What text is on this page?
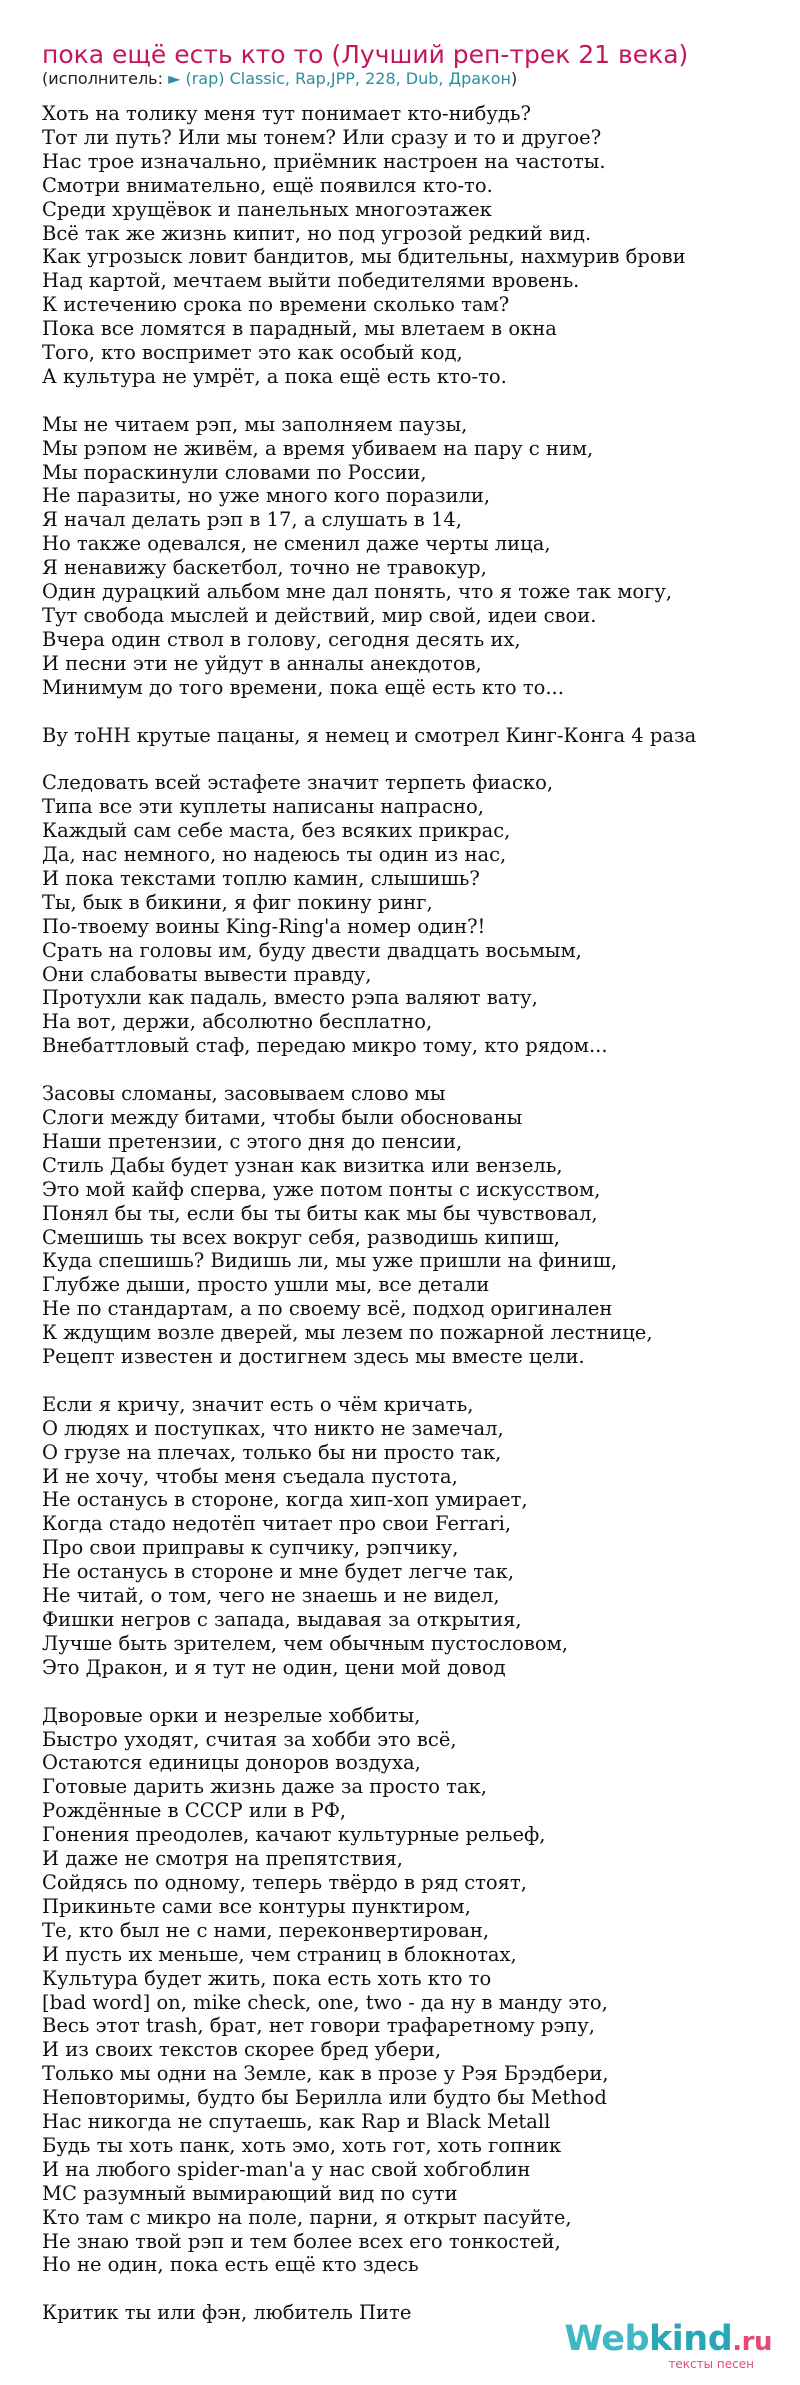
пока ещё есть кто то (Лучший реп-трек 21 века)
(исполнитель: ► (rap) Classic, Rap,JPP, 228, Dub, Дракон)
Хоть на толику меня тут понимает кто-нибудь?
Тот ли путь? Или мы тонем? Или сразу и то и другое?
Нас трое изначально, приёмник настроен на частоты.
Смотри внимательно, ещё появился кто-то.
Среди хрущёвок и панельных многоэтажек
Всё так же жизнь кипит, но под угрозой редкий вид.
Как угрозыск ловит бандитов, мы бдительны, нахмурив брови
Над картой, мечтаем выйти победителями вровень.
К истечению срока по времени сколько там?
Пока все ломятся в парадный, мы влетаем в окна
Того, кто воспримет это как особый код,
А культура не умрёт, а пока ещё есть кто-то.
Мы не читаем рэп, мы заполняем паузы,
Мы рэпом не живём, а время убиваем на пару с ним,
Мы пораскинули словами по России,
Не паразиты, но уже много кого поразили,
Я начал делать рэп в 17, а слушать в 14,
Но также одевался, не сменил даже черты лица,
Я ненавижу баскетбол, точно не травокур,
Один дурацкий альбом мне дал понять, что я тоже так могу,
Тут свобода мыслей и действий, мир свой, идеи свои.
Вчера один ствол в голову, сегодня десять их,
И песни эти не уйдут в анналы анекдотов,
Минимум до того времени, пока ещё есть кто то...
Ву тоНН крутые пацаны, я немец и смотрел Кинг-Конга 4 раза
Следовать всей эстафете значит терпеть фиаско,
Типа все эти куплеты написаны напрасно,
Каждый сам себе маста, без всяких прикрас,
Да, нас немного, но надеюсь ты один из нас,
И пока текстами топлю камин, слышишь?
Ты, бык в бикини, я фиг покину ринг,
По-твоему воины King-Ring'a номер один?!
Срать на головы им, буду двести двадцать восьмым,
Они слабоваты вывести правду,
Протухли как падаль, вместо рэпа валяют вату,
На вот, держи, абсолютно бесплатно,
Внебаттловый стаф, передаю микро тому, кто рядом...
Засовы сломаны, засовываем слово мы
Слоги между битами, чтобы были обоснованы
Наши претензии, с этого дня до пенсии,
Стиль Дабы будет узнан как визитка или вензель,
Это мой кайф сперва, уже потом понты с искусством,
Понял бы ты, если бы ты биты как мы бы чувствовал,
Смешишь ты всех вокруг себя, разводишь кипиш,
Куда спешишь? Видишь ли, мы уже пришли на финиш,
Глубже дыши, просто ушли мы, все детали
Не по стандартам, а по своему всё, подход оригинален
К ждущим возле дверей, мы лезем по пожарной лестнице,
Рецепт известен и достигнем здесь мы вместе цели.
Если я кричу, значит есть о чём кричать,
О людях и поступках, что никто не замечал,
О грузе на плечах, только бы ни просто так,
И не хочу, чтобы меня съедала пустота,
Не останусь в стороне, когда хип-хоп умирает,
Когда стадо недотёп читает про свои Ferrari,
Про свои приправы к супчику, рэпчику,
Не останусь в стороне и мне будет легче так,
Не читай, о том, чего не знаешь и не видел,
Фишки негров с запада, выдавая за открытия,
Лучше быть зрителем, чем обычным пустословом,
Это Дракон, и я тут не один, цени мой довод
Дворовые орки и незрелые хоббиты,
Быстро уходят, считая за хобби это всё,
Остаются единицы доноров воздуха,
Готовые дарить жизнь даже за просто так,
Рождённые в СССР или в РФ,
Гонения преодолев, качают культурные рельеф,
И даже не смотря на препятствия,
Сойдясь по одному, теперь твёрдо в ряд стоят,
Прикиньте сами все контуры пунктиром,
Те, кто был не с нами, переконвертирован,
И пусть их меньше, чем страниц в блокнотах,
Культура будет жить, пока есть хоть кто то
[bad word] on, mike check, one, two - да ну в манду это,
Весь этот trash, брат, нет говори трафаретному рэпу,
И из своих текстов скорее бред убери,
Только мы одни на Земле, как в прозе у Рэя Брэдбери,
Неповторимы, будто бы Берилла или будто бы Method
Нас никогда не спутаешь, как Rap и Black Metall
Будь ты хоть панк, хоть эмо, хоть гот, хоть гопник
И на любого spider-man'a у нас свой хобгоблин
МС разумный вымирающий вид по сути
Кто там с микро на поле, парни, я открыт пасуйте,
Не знаю твой рэп и тем более всех его тонкостей,
Но не один, пока есть ещё кто здесь
Критик ты или фэн, любитель Пите
Webkind.ru
тексты песен
